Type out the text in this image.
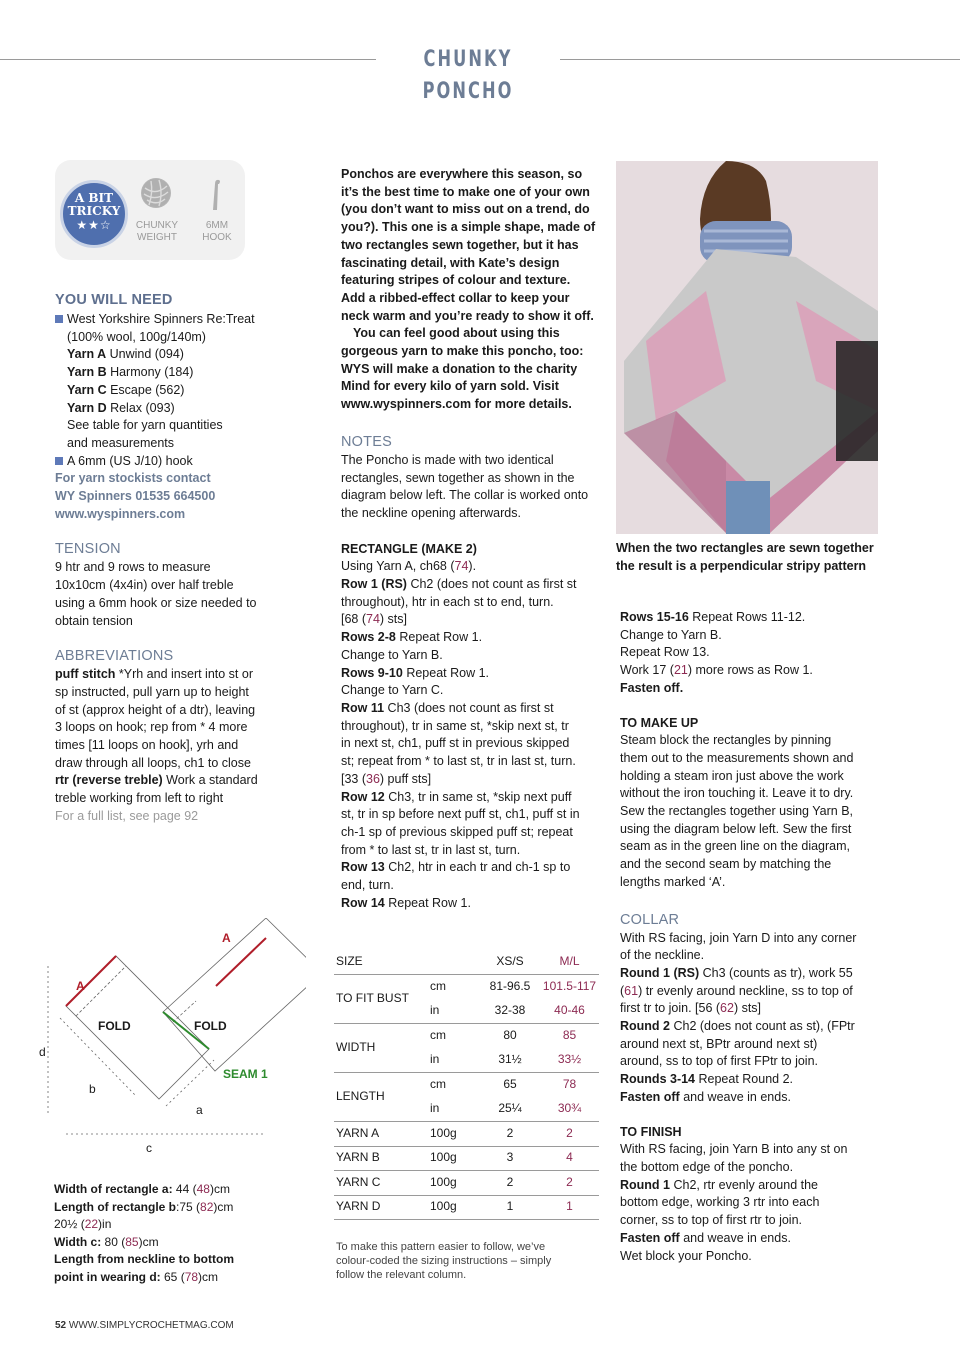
CHUNKY PONCHO
A BIT
TRICKY
★★☆	CHUNKY
WEIGHT
6MM
HOOK
YOU WILL NEED

West Yorkshire Spinners Re:Treat

(100% wool, 100g/140m)

Yarn A Unwind (094)

Yarn B Harmony (184)

Yarn C Escape (562)

Yarn D Relax (093)

See table for yarn quantities

and measurements

A 6mm (US J/10) hook

For yarn stockists contact

WY Spinners 01535 664500

www.wyspinners.com

TENSION

9 htr and 9 rows to measure

10x10cm (4x4in) over half treble

using a 6mm hook or size needed to

obtain tension

ABBREVIATIONS

puff stitch *Yrh and insert into st or

sp instructed, pull yarn up to height

of st (approx height of a dtr), leaving

3 loops on hook; rep from * 4 more

times [11 loops on hook], yrh and

draw through all loops, ch1 to close

rtr (reverse treble) Work a standard

treble working from left to right

For a full list, see page 92

A
A
FOLD	FOLD
SEAM 1
d
b
a
c

Width of rectangle a: 44 (48)cm

Length of rectangle b:75 (82)cm

20½ (22)in

Width c: 80 (85)cm

Length from neckline to bottom

point in wearing d: 65 (78)cm

Ponchos are everywhere this season, so

it’s the best time to make one of your own

(you don’t want to miss out on a trend, do

you?). This one is a simple shape, made of

two rectangles sewn together, but it has

fascinating detail, with Kate’s design

featuring stripes of colour and texture.

Add a ribbed-effect collar to keep your

neck warm and you’re ready to show it off.

You can feel good about using this

gorgeous yarn to make this poncho, too:

WYS will make a donation to the charity

Mind for every kilo of yarn sold. Visit

www.wyspinners.com for more details.

NOTES

The Poncho is made with two identical

rectangles, sewn together as shown in the

diagram below left. The collar is worked onto

the neckline opening afterwards.

RECTANGLE (MAKE 2)

Using Yarn A, ch68 (74).

Row 1 (RS) Ch2 (does not count as first st

throughout), htr in each st to end, turn.

[68 (74) sts]

Rows 2-8 Repeat Row 1.

Change to Yarn B.

Rows 9-10 Repeat Row 1.

Change to Yarn C.

Row 11 Ch3 (does not count as first st

throughout), tr in same st, *skip next st, tr

in next st, ch1, puff st in previous skipped

st; repeat from * to last st, tr in last st, turn.

[33 (36) puff sts]

Row 12 Ch3, tr in same st, *skip next puff

st, tr in sp before next puff st, ch1, puff st in

ch-1 sp of previous skipped puff st; repeat

from * to last st, tr in last st, turn.

Row 13 Ch2, htr in each tr and ch-1 sp to

end, turn.

Row 14 Repeat Row 1.

SIZE		XS/S	M/L
TO FIT BUST	cm	81-96.5	101.5-117
	in	32-38	40-46
WIDTH	cm	80	85
	in	31½	33½
LENGTH	cm	65	78
	in	25¼	30¾
YARN A	100g	2	2
YARN B	100g	3	4
YARN C	100g	2	2
YARN D	100g	1	1

To make this pattern easier to follow, we’ve

colour-coded the sizing instructions – simply

follow the relevant column.

When the two rectangles are sewn together

the result is a perpendicular stripy pattern

Rows 15-16 Repeat Rows 11-12.

Change to Yarn B.

Repeat Row 13.

Work 17 (21) more rows as Row 1.

Fasten off.

TO MAKE UP

Steam block the rectangles by pinning

them out to the measurements shown and

holding a steam iron just above the work

without the iron touching it. Leave it to dry.

Sew the rectangles together using Yarn B,

using the diagram below left. Sew the first

seam as in the green line on the diagram,

and the second seam by matching the

lengths marked ‘A’.

COLLAR

With RS facing, join Yarn D into any corner

of the neckline.

Round 1 (RS) Ch3 (counts as tr), work 55

(61) tr evenly around neckline, ss to top of

first tr to join. [56 (62) sts]

Round 2 Ch2 (does not count as st), (FPtr

around next st, BPtr around next st)

around, ss to top of first FPtr to join.

Rounds 3-14 Repeat Round 2.

Fasten off and weave in ends.

TO FINISH

With RS facing, join Yarn B into any st on

the bottom edge of the poncho.

Round 1 Ch2, rtr evenly around the

bottom edge, working 3 rtr into each

corner, ss to top of first rtr to join.

Fasten off and weave in ends.

Wet block your Poncho.

52 WWW.SIMPLYCROCHETMAG.COM
